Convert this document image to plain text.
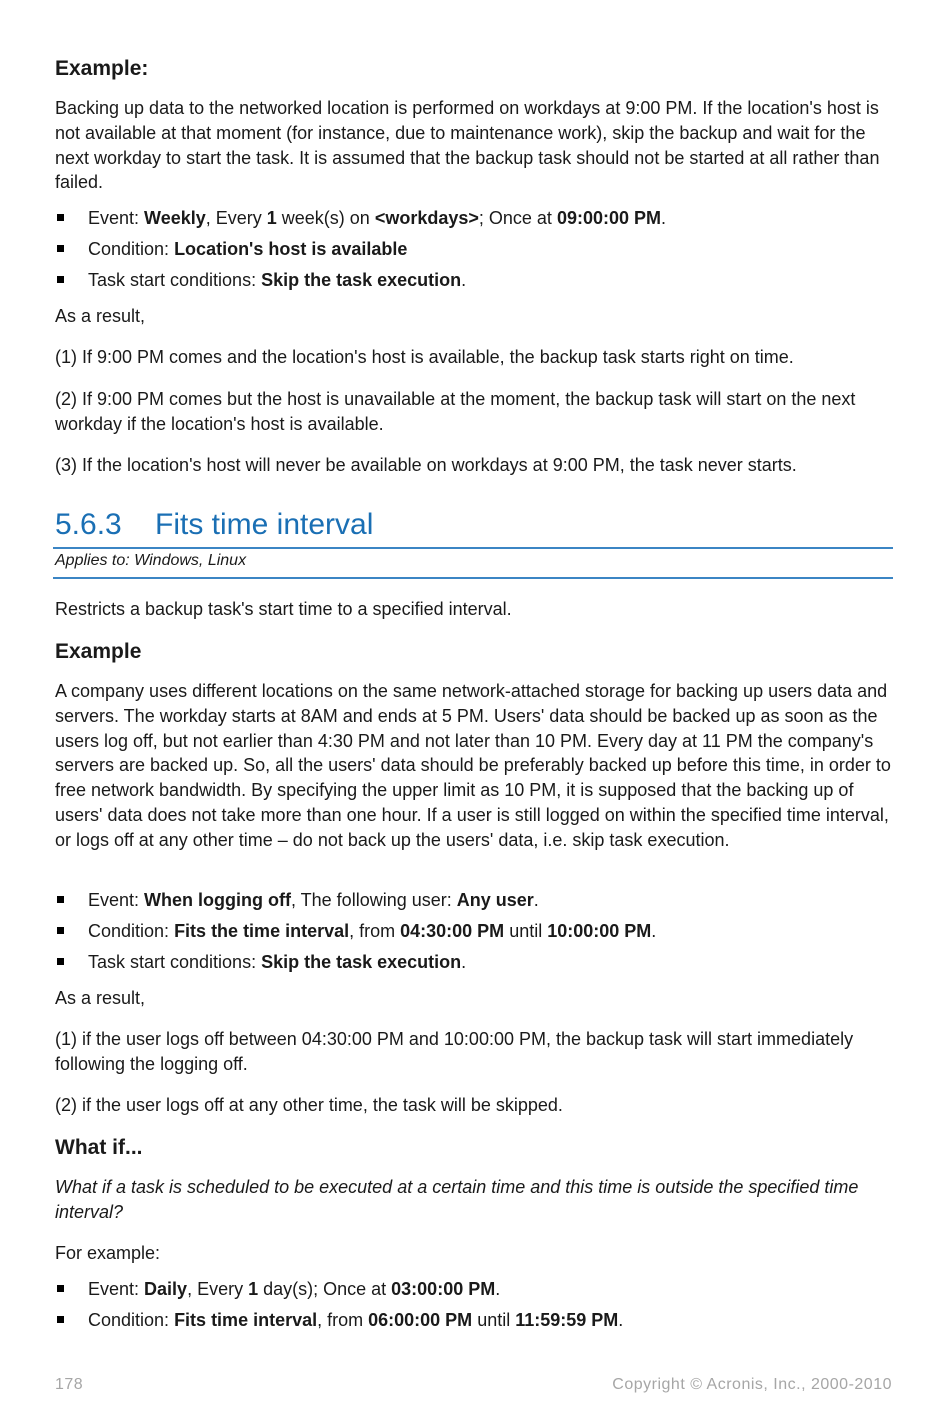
Example:
Backing up data to the networked location is performed on workdays at 9:00 PM. If the location's host is not available at that moment (for instance, due to maintenance work), skip the backup and wait for the next workday to start the task. It is assumed that the backup task should not be started at all rather than failed.
Event: Weekly, Every 1 week(s) on <workdays>; Once at 09:00:00 PM.
Condition: Location's host is available
Task start conditions: Skip the task execution.
As a result,
(1) If 9:00 PM comes and the location's host is available, the backup task starts right on time.
(2) If 9:00 PM comes but the host is unavailable at the moment, the backup task will start on the next workday if the location's host is available.
(3) If the location's host will never be available on workdays at 9:00 PM, the task never starts.
5.6.3 Fits time interval
Applies to: Windows, Linux
Restricts a backup task's start time to a specified interval.
Example
A company uses different locations on the same network-attached storage for backing up users data and servers. The workday starts at 8AM and ends at 5 PM. Users' data should be backed up as soon as the users log off, but not earlier than 4:30 PM and not later than 10 PM. Every day at 11 PM the company's servers are backed up. So, all the users' data should be preferably backed up before this time, in order to free network bandwidth. By specifying the upper limit as 10 PM, it is supposed that the backing up of users' data does not take more than one hour. If a user is still logged on within the specified time interval, or logs off at any other time – do not back up the users' data, i.e. skip task execution.
Event: When logging off, The following user: Any user.
Condition: Fits the time interval, from 04:30:00 PM until 10:00:00 PM.
Task start conditions: Skip the task execution.
As a result,
(1) if the user logs off between 04:30:00 PM and 10:00:00 PM, the backup task will start immediately following the logging off.
(2) if the user logs off at any other time, the task will be skipped.
What if...
What if a task is scheduled to be executed at a certain time and this time is outside the specified time interval?
For example:
Event: Daily, Every 1 day(s); Once at 03:00:00 PM.
Condition: Fits time interval, from 06:00:00 PM until 11:59:59 PM.
178	Copyright © Acronis, Inc., 2000-2010
